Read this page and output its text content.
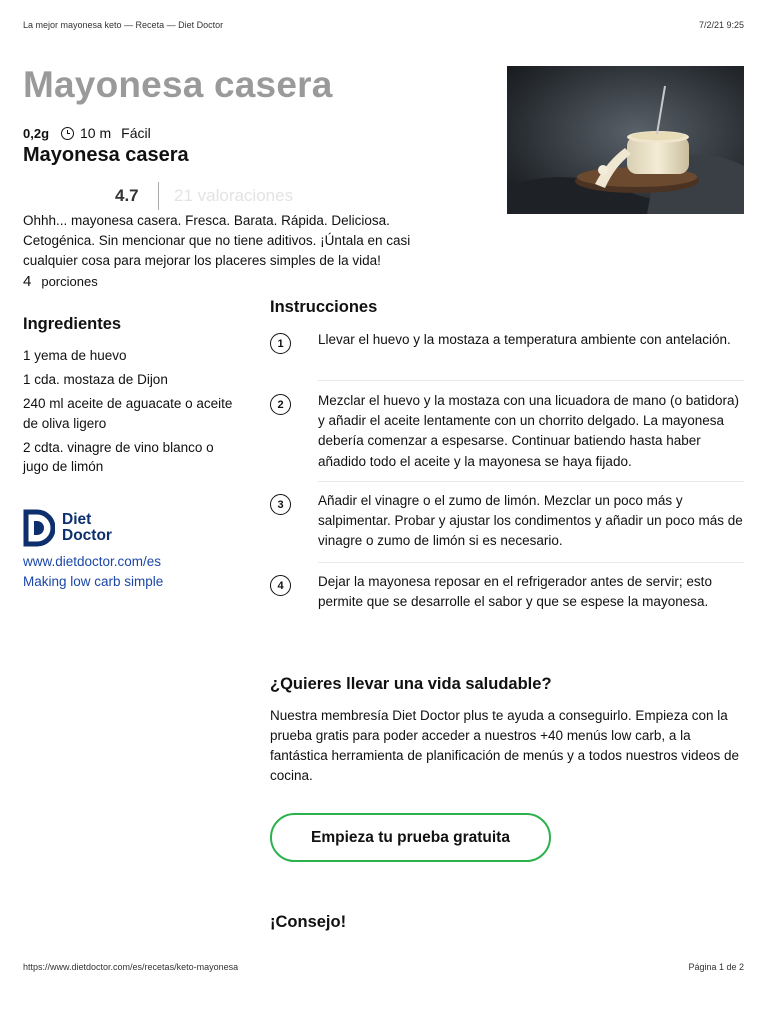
La mejor mayonesa keto — Receta — Diet Doctor	7/2/21 9:25
Mayonesa casera
0,2g 10 m Fácil
Mayonesa casera
4.7 21 valoraciones
Ohhh... mayonesa casera. Fresca. Barata. Rápida. Deliciosa. Cetogénica. Sin mencionar que no tiene aditivos. ¡Úntala en casi cualquier cosa para mejorar los placeres simples de la vida!
4 porciones
Ingredientes
1 yema de huevo
1 cda. mostaza de Dijon
240 ml aceite de aguacate o aceite de oliva ligero
2 cdta. vinagre de vino blanco o jugo de limón
Diet
Doctor
www.dietdoctor.com/es
Making low carb simple
Instrucciones
1	Llevar el huevo y la mostaza a temperatura ambiente con antelación.
2	Mezclar el huevo y la mostaza con una licuadora de mano (o batidora) y añadir el aceite lentamente con un chorrito delgado. La mayonesa debería comenzar a espesarse. Continuar batiendo hasta haber añadido todo el aceite y la mayonesa se haya fijado.
3	Añadir el vinagre o el zumo de limón. Mezclar un poco más y salpimentar. Probar y ajustar los condimentos y añadir un poco más de vinagre o zumo de limón si es necesario.
4	Dejar la mayonesa reposar en el refrigerador antes de servir; esto permite que se desarrolle el sabor y que se espese la mayonesa.
¿Quieres llevar una vida saludable?
Nuestra membresía Diet Doctor plus te ayuda a conseguirlo. Empieza con la prueba gratis para poder acceder a nuestros +40 menús low carb, a la fantástica herramienta de planificación de menús y a todos nuestros videos de cocina.
Empieza tu prueba gratuita
¡Consejo!
https://www.dietdoctor.com/es/recetas/keto-mayonesa	Página 1 de 2
